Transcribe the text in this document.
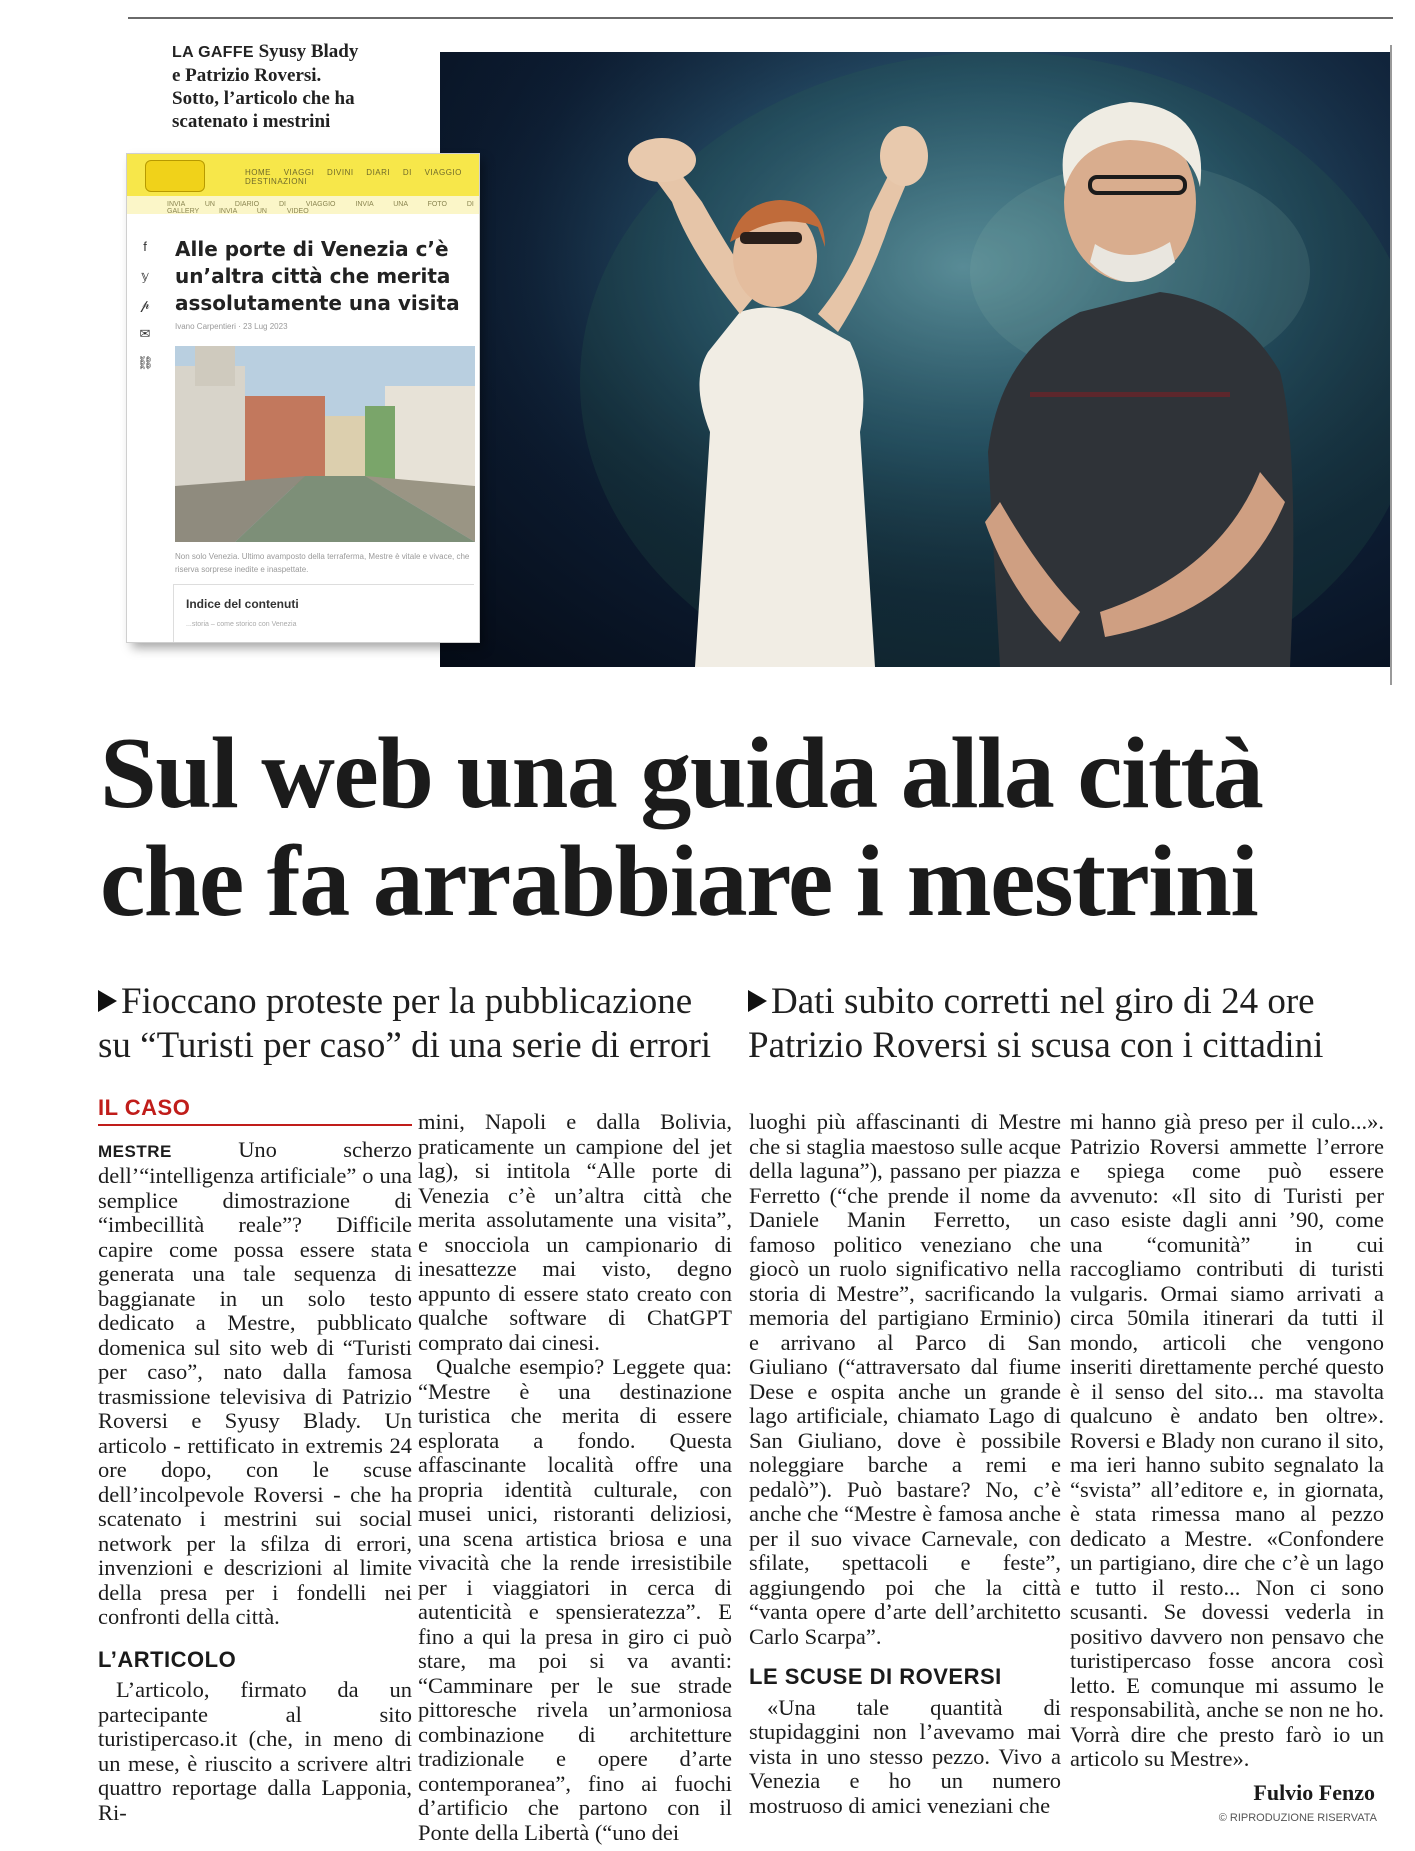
LA GAFFE Syusy Blady
e Patrizio Roversi.
Sotto, l’articolo che ha
scatenato i mestrini
HOME VIAGGI DIVINI DIARI DI VIAGGIO DESTINAZIONI
INVIA UN DIARIO DI VIAGGIO INVIA UNA FOTO DI GALLERY INVIA UN VIDEO
f
𝕪
𝓅
✉
⛓
Alle porte di Venezia c’è un’altra città che merita assolutamente una visita
Ivano Carpentieri · 23 Lug 2023
Non solo Venezia. Ultimo avamposto della terraferma, Mestre è vitale e vivace, che riserva sorprese inedite e inaspettate.
Indice del contenuti
...storia – come storico con Venezia
Sul web una guida alla città
che fa arrabbiare i mestrini
Fioccano proteste per la pubblicazione
su “Turisti per caso” di una serie di errori
Dati subito corretti nel giro di 24 ore
Patrizio Roversi si scusa con i cittadini
IL CASO

MESTRE Uno scherzo dell’“intelligenza artificiale” o una semplice dimostrazione di “imbecillità reale”? Difficile capire come possa essere stata generata una tale sequenza di baggianate in un solo testo dedicato a Mestre, pubblicato domenica sul sito web di “Turisti per caso”, nato dalla famosa trasmissione televisiva di Patrizio Roversi e Syusy Blady. Un articolo - rettificato in extremis 24 ore dopo, con le scuse dell’incolpevole Roversi - che ha scatenato i mestrini sui social network per la sfilza di errori, invenzioni e descrizioni al limite della presa per i fondelli nei confronti della città.

L’ARTICOLO

L’articolo, firmato da un partecipante al sito turistipercaso.it (che, in meno di un mese, è riuscito a scrivere altri quattro reportage dalla Lapponia, Ri-

mini, Napoli e dalla Bolivia, praticamente un campione del jet lag), si intitola “Alle porte di Venezia c’è un’altra città che merita assolutamente una visita”, e snocciola un campionario di inesattezze mai visto, degno appunto di essere stato creato con qualche software di ChatGPT comprato dai cinesi.

Qualche esempio? Leggete qua: “Mestre è una destinazione turistica che merita di essere esplorata a fondo. Questa affascinante località offre una propria identità culturale, con musei unici, ristoranti deliziosi, una scena artistica briosa e una vivacità che la rende irresistibile per i viaggiatori in cerca di autenticità e spensieratezza”. E fino a qui la presa in giro ci può stare, ma poi si va avanti: “Camminare per le sue strade pittoresche rivela un’armoniosa combinazione di architetture tradizionale e opere d’arte contemporanea”, fino ai fuochi d’artificio che partono con il Ponte della Libertà (“uno dei

luoghi più affascinanti di Mestre che si staglia maestoso sulle acque della laguna”), passano per piazza Ferretto (“che prende il nome da Daniele Manin Ferretto, un famoso politico veneziano che giocò un ruolo significativo nella storia di Mestre”, sacrificando la memoria del partigiano Erminio) e arrivano al Parco di San Giuliano (“attraversato dal fiume Dese e ospita anche un grande lago artificiale, chiamato Lago di San Giuliano, dove è possibile noleggiare barche a remi e pedalò”). Può bastare? No, c’è anche che “Mestre è famosa anche per il suo vivace Carnevale, con sfilate, spettacoli e feste”, aggiungendo poi che la città “vanta opere d’arte dell’architetto Carlo Scarpa”.

LE SCUSE DI ROVERSI

«Una tale quantità di stupidaggini non l’avevamo mai vista in uno stesso pezzo. Vivo a Venezia e ho un numero mostruoso di amici veneziani che

mi hanno già preso per il culo...». Patrizio Roversi ammette l’errore e spiega come può essere avvenuto: «Il sito di Turisti per caso esiste dagli anni ’90, come una “comunità” in cui raccogliamo contributi di turisti vulgaris. Ormai siamo arrivati a circa 50mila itinerari da tutti il mondo, articoli che vengono inseriti direttamente perché questo è il senso del sito... ma stavolta qualcuno è andato ben oltre». Roversi e Blady non curano il sito, ma ieri hanno subito segnalato la “svista” all’editore e, in giornata, è stata rimessa mano al pezzo dedicato a Mestre. «Confondere un partigiano, dire che c’è un lago e tutto il resto... Non ci sono scusanti. Se dovessi vederla in positivo davvero non pensavo che turistipercaso fosse ancora così letto. E comunque mi assumo le responsabilità, anche se non ne ho. Vorrà dire che presto farò io un articolo su Mestre».

Fulvio Fenzo
© RIPRODUZIONE RISERVATA
